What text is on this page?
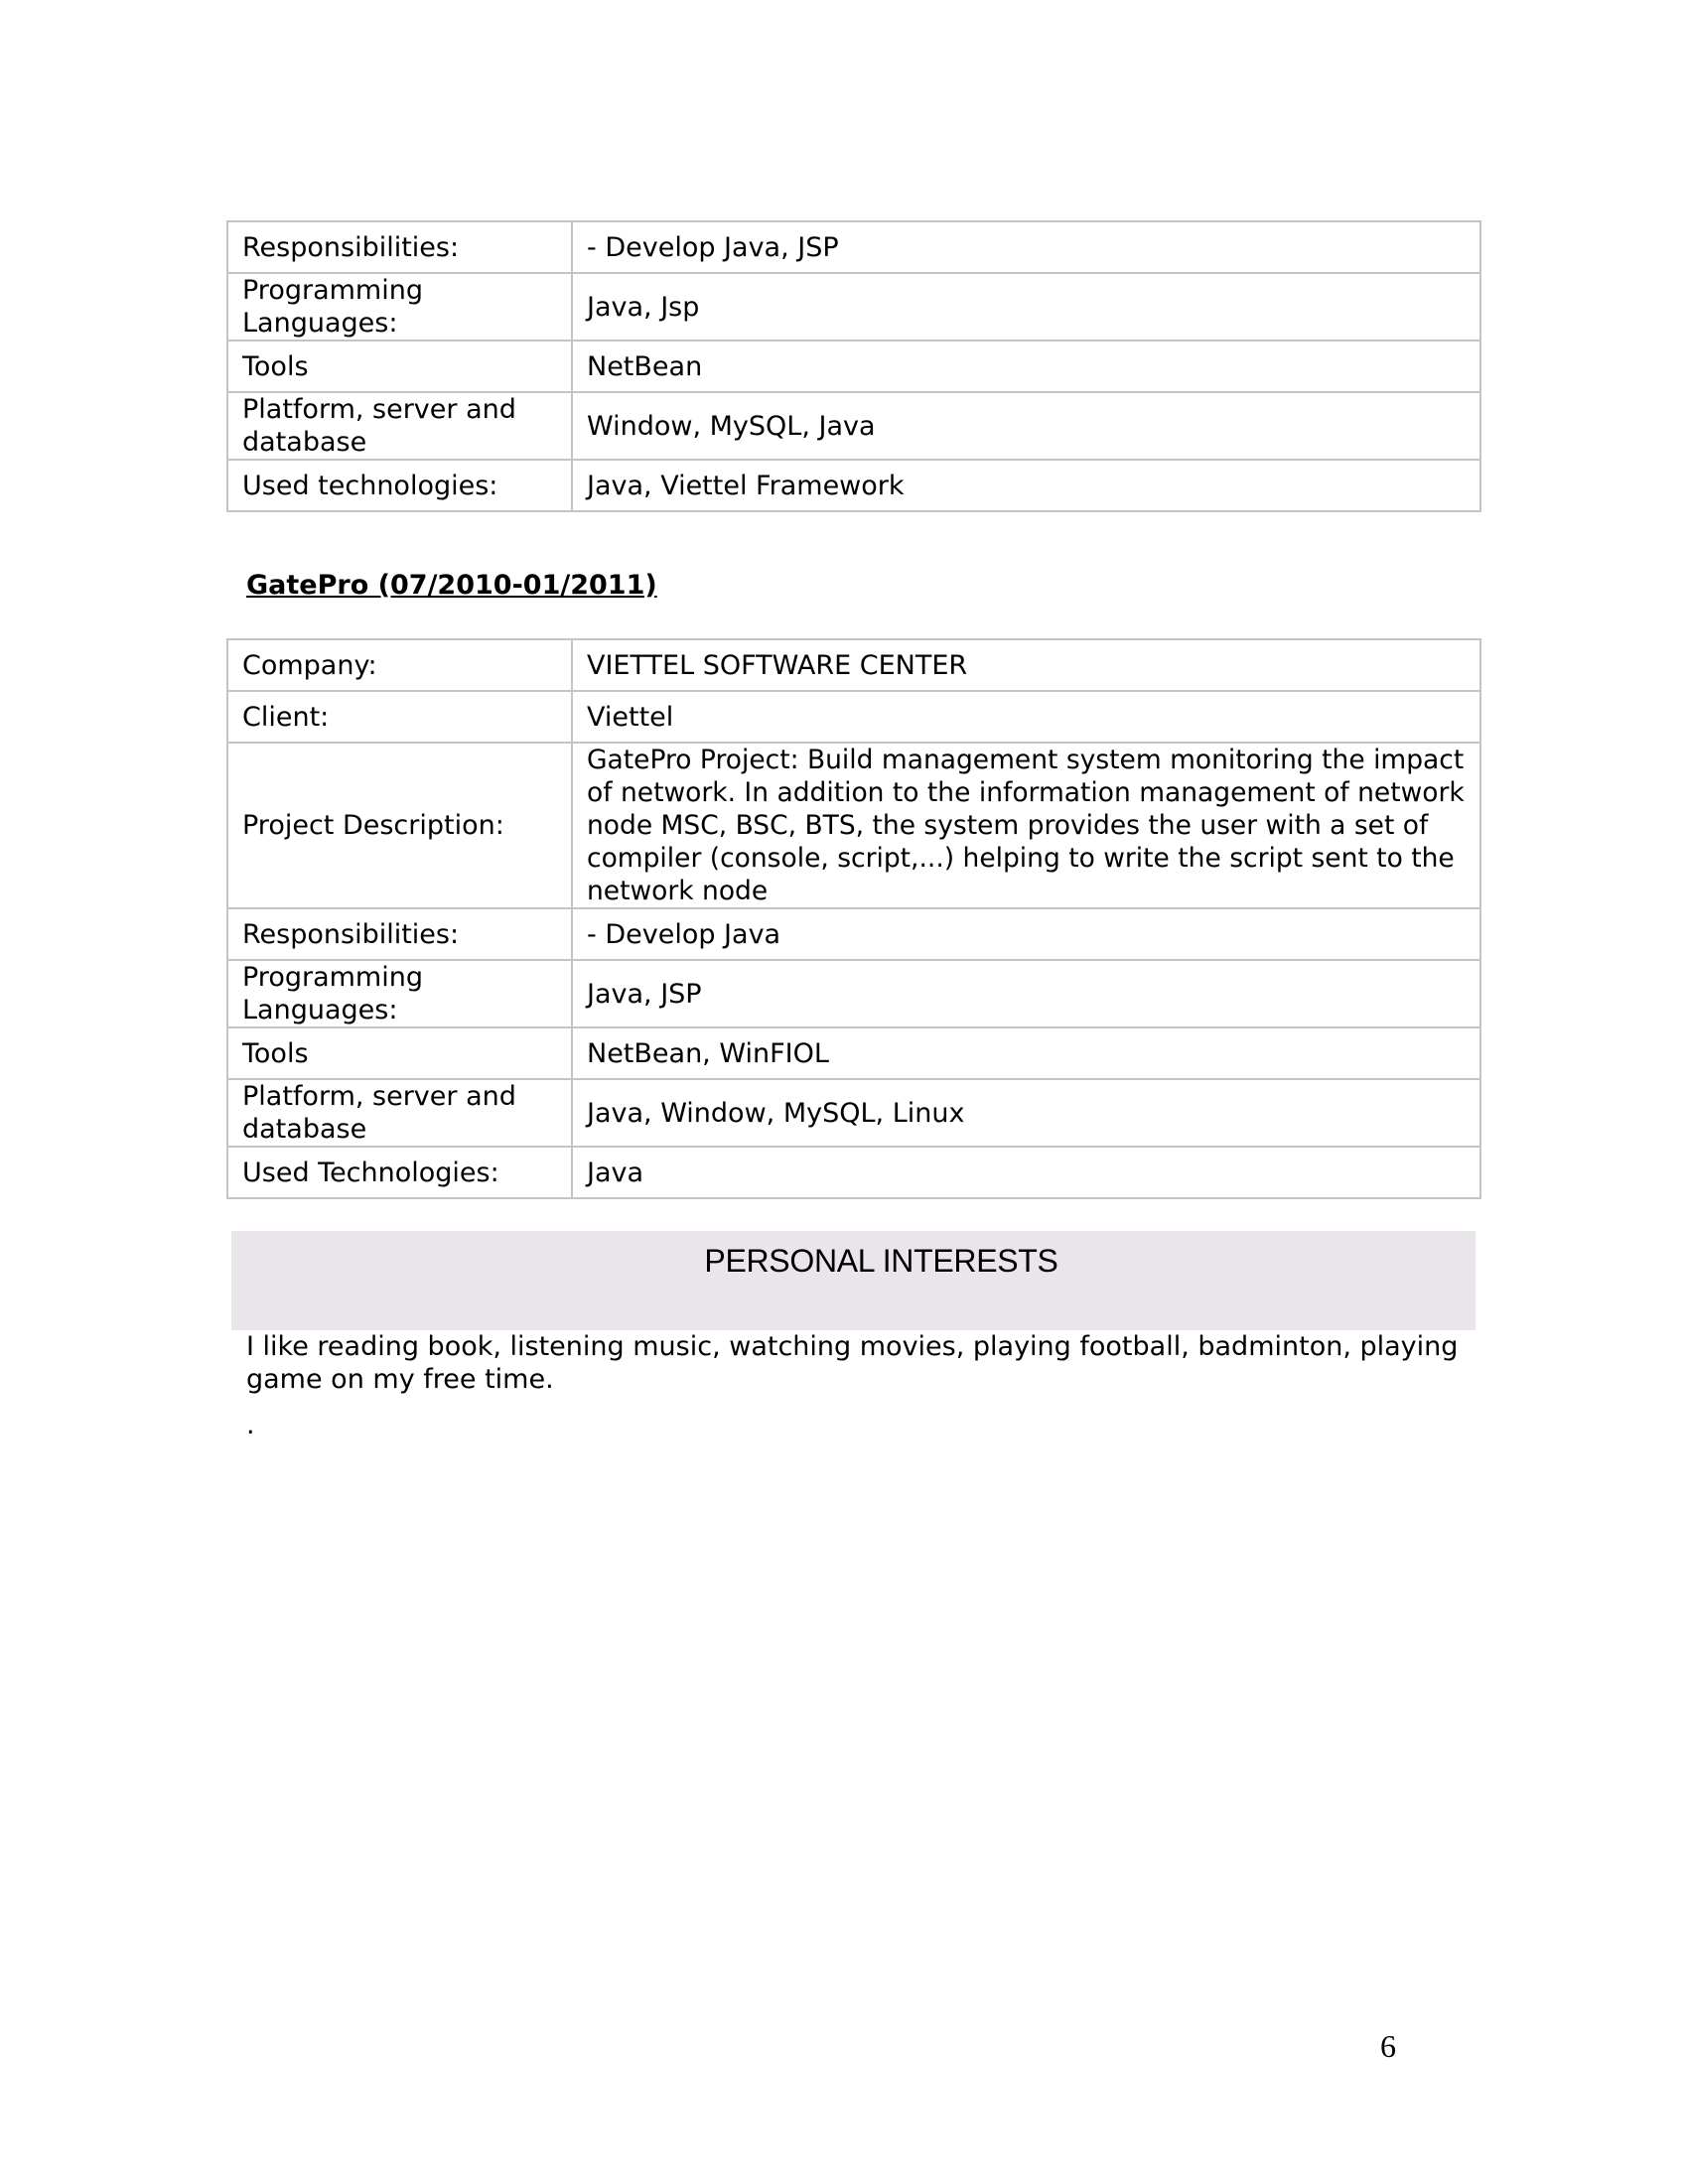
Responsibilities:	- Develop Java, JSP
Programming Languages:	Java, Jsp
Tools	NetBean
Platform, server and database	Window, MySQL, Java
Used technologies:	Java, Viettel Framework
GatePro (07/2010-01/2011)
Company:	VIETTEL SOFTWARE CENTER
Client:	Viettel
Project Description:	GatePro Project: Build management system monitoring the impact of network. In addition to the information management of network node MSC, BSC, BTS, the system provides the user with a set of compiler (console, script,...) helping to write the script sent to the network node
Responsibilities:	- Develop Java
Programming Languages:	Java, JSP
Tools	NetBean, WinFIOL
Platform, server and database	Java, Window, MySQL, Linux
Used Technologies:	Java
PERSONAL INTERESTS

I like reading book, listening music, watching movies, playing football, badminton, playing game on my free time.

.

6
